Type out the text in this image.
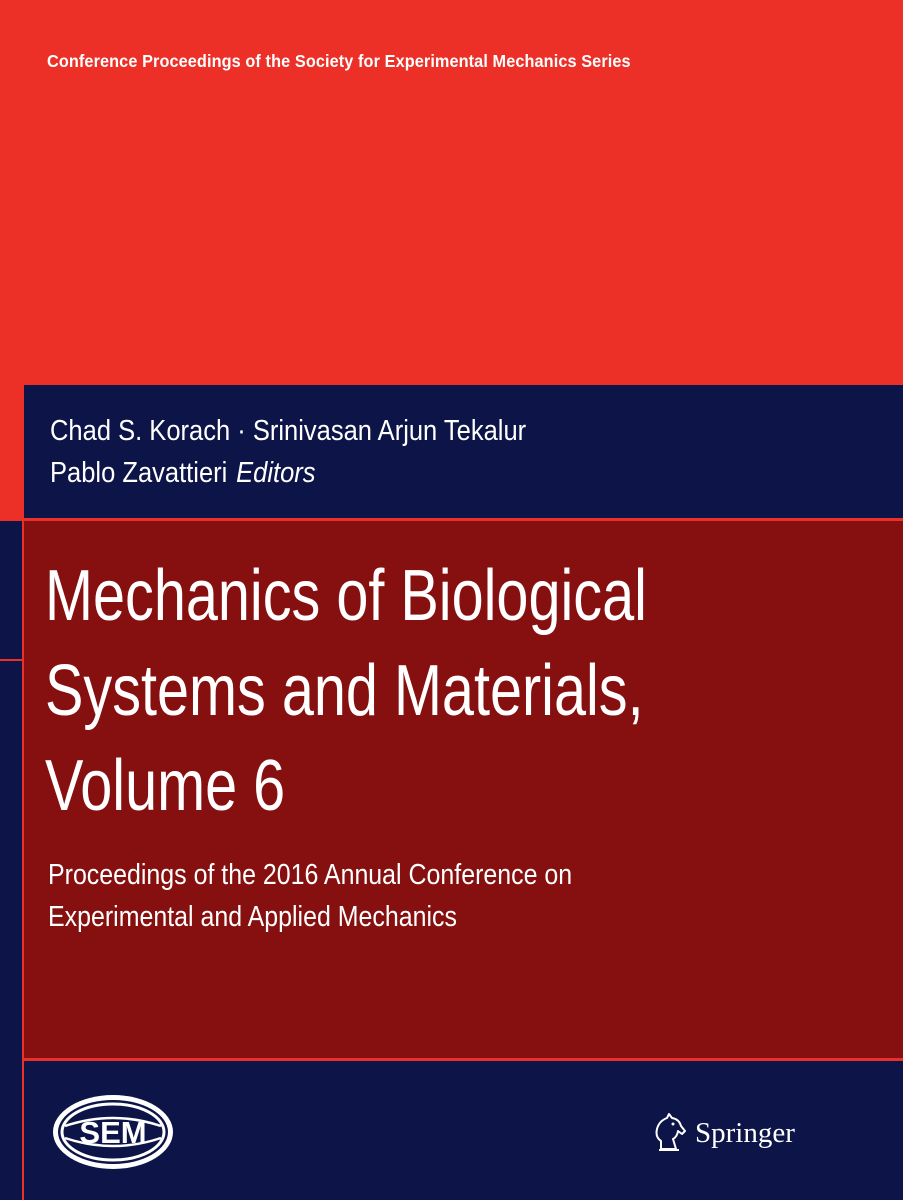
Conference Proceedings of the Society for Experimental Mechanics Series
Chad S. Korach · Srinivasan Arjun Tekalur
Pablo Zavattieri Editors
Mechanics of Biological
Systems and Materials,
Volume 6

Proceedings of the 2016 Annual Conference on
Experimental and Applied Mechanics

SEM	Springer
